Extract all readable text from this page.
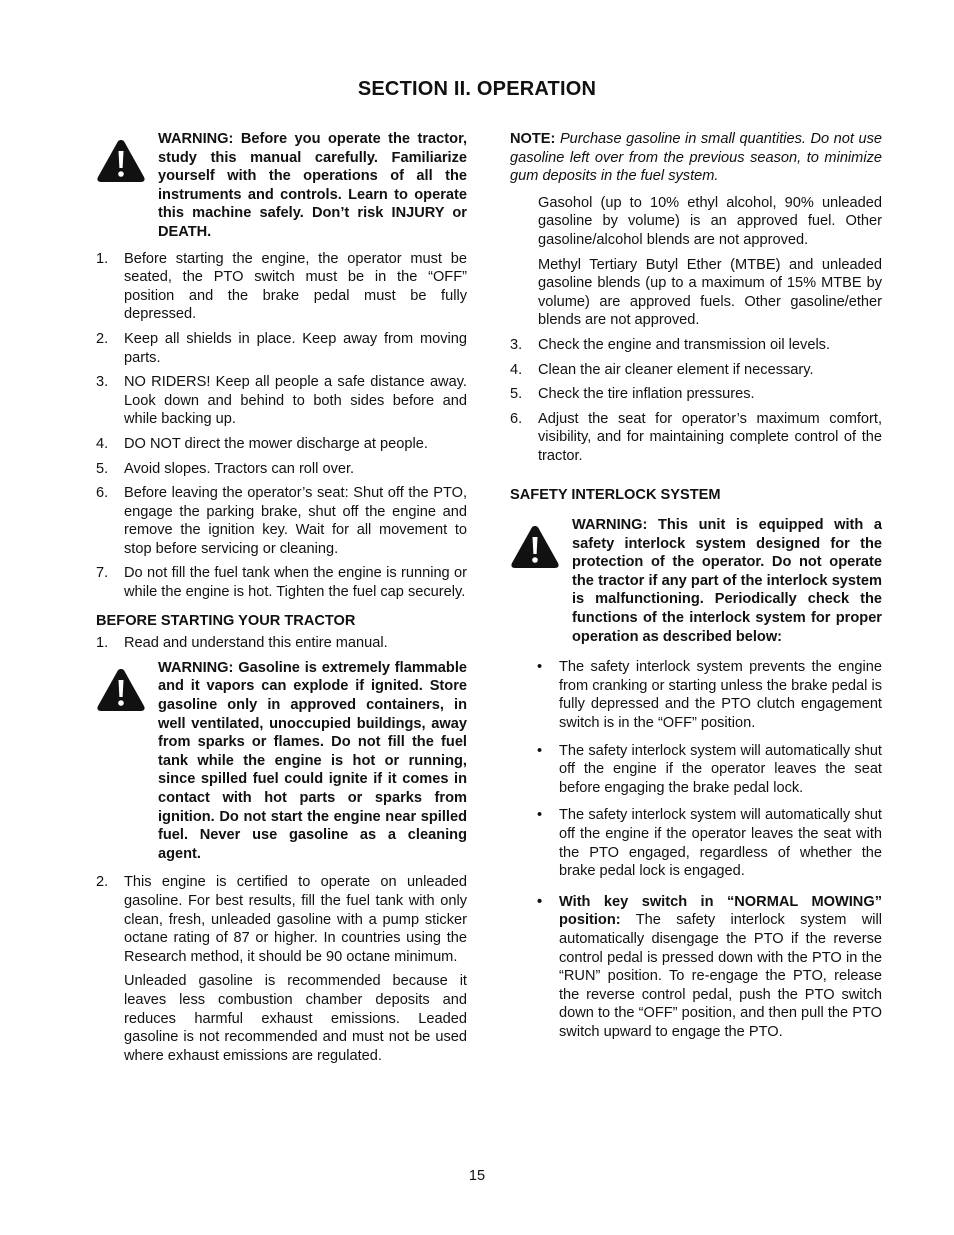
SECTION II. OPERATION

WARNING: Before you operate the tractor, study this manual carefully. Familiarize yourself with the operations of all the instruments and controls. Learn to operate this machine safely. Don’t risk INJURY or DEATH.

1. Before starting the engine, the operator must be seated, the PTO switch must be in the “OFF” position and the brake pedal must be fully depressed.
2. Keep all shields in place. Keep away from moving parts.
3. NO RIDERS! Keep all people a safe distance away. Look down and behind to both sides before and while backing up.
4. DO NOT direct the mower discharge at people.
5. Avoid slopes. Tractors can roll over.
6. Before leaving the operator’s seat: Shut off the PTO, engage the parking brake, shut off the engine and remove the ignition key. Wait for all movement to stop before servicing or cleaning.
7. Do not fill the fuel tank when the engine is running or while the engine is hot. Tighten the fuel cap securely.

BEFORE STARTING YOUR TRACTOR

1. Read and understand this entire manual.

WARNING: Gasoline is extremely flammable and it vapors can explode if ignited. Store gasoline only in approved containers, in well ventilated, unoccupied buildings, away from sparks or flames. Do not fill the fuel tank while the engine is hot or running, since spilled fuel could ignite if it comes in contact with hot parts or sparks from ignition. Do not start the engine near spilled fuel. Never use gasoline as a cleaning agent.

2. This engine is certified to operate on unleaded gasoline. For best results, fill the fuel tank with only clean, fresh, unleaded gasoline with a pump sticker octane rating of 87 or higher. In countries using the Research method, it should be 90 octane minimum.

Unleaded gasoline is recommended because it leaves less combustion chamber deposits and reduces harmful exhaust emissions. Leaded gasoline is not recommended and must not be used where exhaust emissions are regulated.

NOTE: Purchase gasoline in small quantities. Do not use gasoline left over from the previous season, to minimize gum deposits in the fuel system.

Gasohol (up to 10% ethyl alcohol, 90% unleaded gasoline by volume) is an approved fuel. Other gasoline/alcohol blends are not approved.

Methyl Tertiary Butyl Ether (MTBE) and unleaded gasoline blends (up to a maximum of 15% MTBE by volume) are approved fuels. Other gasoline/ether blends are not approved.

3. Check the engine and transmission oil levels.
4. Clean the air cleaner element if necessary.
5. Check the tire inflation pressures.
6. Adjust the seat for operator’s maximum comfort, visibility, and for maintaining complete control of the tractor.

SAFETY INTERLOCK SYSTEM

WARNING: This unit is equipped with a safety interlock system designed for the protection of the operator. Do not operate the tractor if any part of the interlock system is malfunctioning. Periodically check the functions of the interlock system for proper operation as described below:

• The safety interlock system prevents the engine from cranking or starting unless the brake pedal is fully depressed and the PTO clutch engagement switch is in the “OFF” position.
• The safety interlock system will automatically shut off the engine if the operator leaves the seat before engaging the brake pedal lock.
• The safety interlock system will automatically shut off the engine if the operator leaves the seat with the PTO engaged, regardless of whether the brake pedal lock is engaged.
• With key switch in “NORMAL MOWING” position: The safety interlock system will automatically disengage the PTO if the reverse control pedal is pressed down with the PTO in the “RUN” position. To re-engage the PTO, release the reverse control pedal, push the PTO switch down to the “OFF” position, and then pull the PTO switch upward to engage the PTO.
15
